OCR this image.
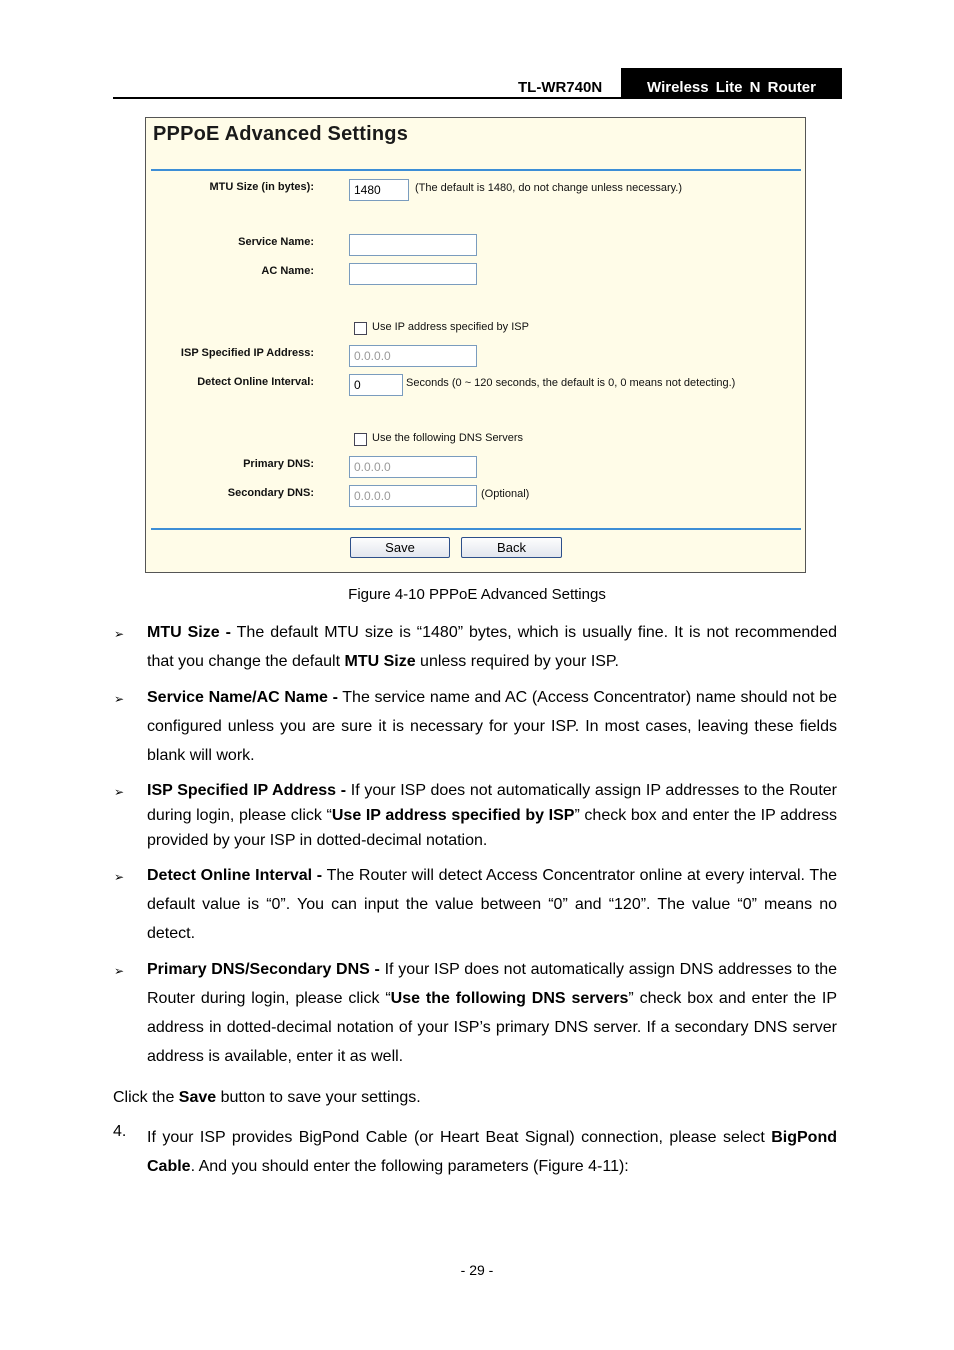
TL-WR740N	Wireless Lite N Router
PPPoE Advanced Settings
MTU Size (in bytes):
1480	(The default is 1480, do not change unless necessary.)
Service Name:
AC Name:
Use IP address specified by ISP
ISP Specified IP Address:
0.0.0.0
Detect Online Interval:
0	Seconds (0 ~ 120 seconds, the default is 0, 0 means not detecting.)
Use the following DNS Servers
Primary DNS:
0.0.0.0
Secondary DNS:
0.0.0.0	(Optional)
Save	Back
Figure 4-10 PPPoE Advanced Settings
➢ MTU Size - The default MTU size is “1480” bytes, which is usually fine. It is not recommended that you change the default MTU Size unless required by your ISP.
➢ Service Name/AC Name - The service name and AC (Access Concentrator) name should not be configured unless you are sure it is necessary for your ISP. In most cases, leaving these fields blank will work.
➢ ISP Specified IP Address - If your ISP does not automatically assign IP addresses to the Router during login, please click “Use IP address specified by ISP” check box and enter the IP address provided by your ISP in dotted-decimal notation.
➢ Detect Online Interval - The Router will detect Access Concentrator online at every interval. The default value is “0”. You can input the value between “0” and “120”. The value “0” means no detect.
➢ Primary DNS/Secondary DNS - If your ISP does not automatically assign DNS addresses to the Router during login, please click “Use the following DNS servers” check box and enter the IP address in dotted-decimal notation of your ISP’s primary DNS server. If a secondary DNS server address is available, enter it as well.
Click the Save button to save your settings.
4.	If your ISP provides BigPond Cable (or Heart Beat Signal) connection, please select BigPond Cable. And you should enter the following parameters (Figure 4-11):
- 29 -
